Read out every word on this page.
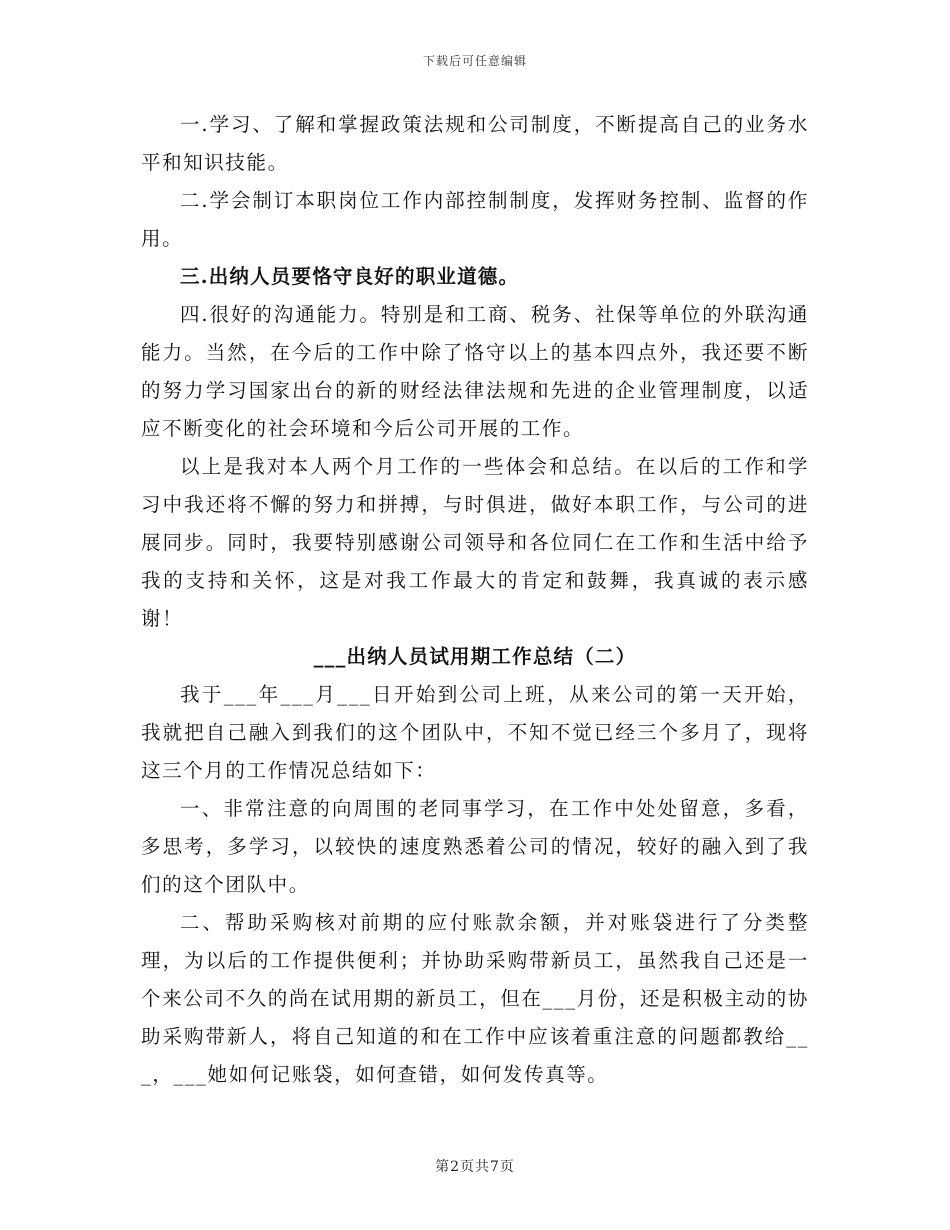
下载后可任意编辑

一.学习、了解和掌握政策法规和公司制度，不断提高自己的业务水平和知识技能。

二.学会制订本职岗位工作内部控制制度，发挥财务控制、监督的作用。

三.出纳人员要恪守良好的职业道德。

四.很好的沟通能力。特别是和工商、税务、社保等单位的外联沟通能力。当然，在今后的工作中除了恪守以上的基本四点外，我还要不断的努力学习国家出台的新的财经法律法规和先进的企业管理制度，以适应不断变化的社会环境和今后公司开展的工作。

以上是我对本人两个月工作的一些体会和总结。在以后的工作和学习中我还将不懈的努力和拼搏，与时俱进，做好本职工作，与公司的进展同步。同时，我要特别感谢公司领导和各位同仁在工作和生活中给予我的支持和关怀，这是对我工作最大的肯定和鼓舞，我真诚的表示感谢！

___出纳人员试用期工作总结（二）

我于___年___月___日开始到公司上班，从来公司的第一天开始，我就把自己融入到我们的这个团队中，不知不觉已经三个多月了，现将这三个月的工作情况总结如下：

一、非常注意的向周围的老同事学习，在工作中处处留意，多看，多思考，多学习，以较快的速度熟悉着公司的情况，较好的融入到了我们的这个团队中。

二、帮助采购核对前期的应付账款余额，并对账袋进行了分类整理，为以后的工作提供便利；并协助采购带新员工，虽然我自己还是一个来公司不久的尚在试用期的新员工，但在___月份，还是积极主动的协助采购带新人，将自己知道的和在工作中应该着重注意的问题都教给___，___她如何记账袋，如何查错，如何发传真等。

第2页共7页
